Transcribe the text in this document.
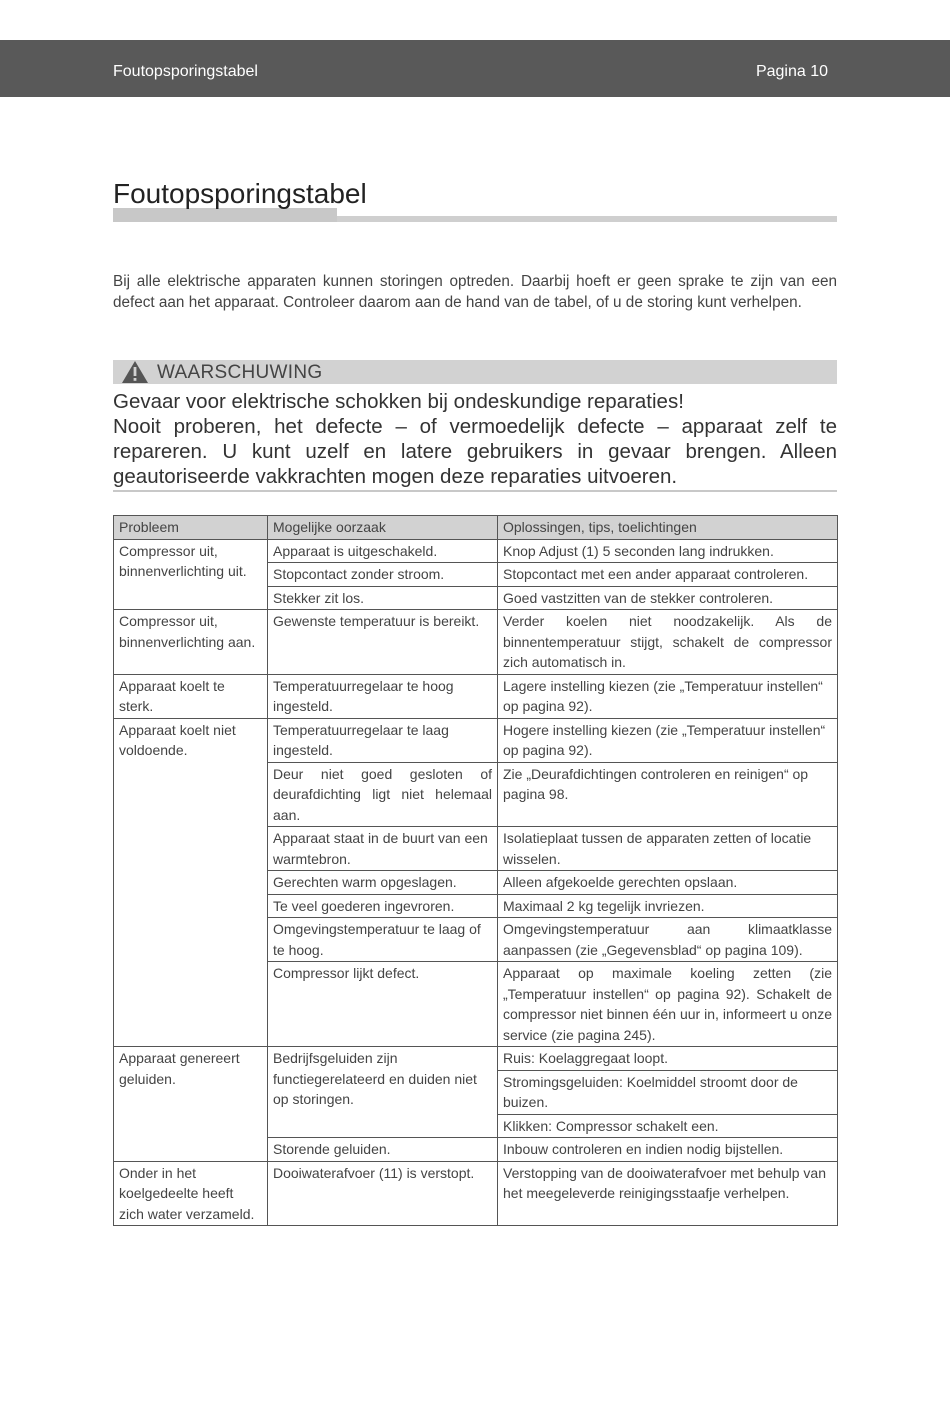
Foutopsporingstabel	Pagina 10
Foutopsporingstabel

Bij alle elektrische apparaten kunnen storingen optreden. Daarbij hoeft er geen sprake te zijn van een defect aan het apparaat. Controleer daarom aan de hand van de tabel, of u de storing kunt verhelpen.

WAARSCHUWING
Gevaar voor elektrische schokken bij ondeskundige reparaties!
Nooit proberen, het defecte – of vermoedelijk defecte – apparaat zelf te repareren. U kunt uzelf en latere gebruikers in gevaar brengen. Alleen geautoriseerde vakkrachten mogen deze reparaties uitvoeren.
Probleem	Mogelijke oorzaak	Oplossingen, tips, toelichtingen
Compressor uit, binnenverlichting uit.	Apparaat is uitgeschakeld.	Knop Adjust (1) 5 seconden lang indrukken.
	Stopcontact zonder stroom.	Stopcontact met een ander apparaat controleren.
	Stekker zit los.	Goed vastzitten van de stekker controleren.
Compressor uit, binnenverlichting aan.	Gewenste temperatuur is bereikt.	Verder koelen niet noodzakelijk. Als de binnentemperatuur stijgt, schakelt de compressor zich automatisch in.
Apparaat koelt te sterk.	Temperatuurregelaar te hoog ingesteld.	Lagere instelling kiezen (zie „Temperatuur instellen“ op pagina 92).
Apparaat koelt niet voldoende.	Temperatuurregelaar te laag ingesteld.	Hogere instelling kiezen (zie „Temperatuur instellen“ op pagina 92).
	Deur niet goed gesloten of deurafdichting ligt niet helemaal aan.	Zie „Deurafdichtingen controleren en reinigen“ op pagina 98.
	Apparaat staat in de buurt van een warmtebron.	Isolatieplaat tussen de apparaten zetten of locatie wisselen.
	Gerechten warm opgeslagen.	Alleen afgekoelde gerechten opslaan.
	Te veel goederen ingevroren.	Maximaal 2 kg tegelijk invriezen.
	Omgevingstemperatuur te laag of te hoog.	Omgevingstemperatuur aan klimaatklasse aanpassen (zie „Gegevensblad“ op pagina 109).
	Compressor lijkt defect.	Apparaat op maximale koeling zetten (zie „Temperatuur instellen“ op pagina 92). Schakelt de compressor niet binnen één uur in, informeert u onze service (zie pagina 245).
Apparaat genereert geluiden.	Bedrijfsgeluiden zijn functiegerelateerd en duiden niet op storingen.	Ruis: Koelaggregaat loopt.
		Stromingsgeluiden: Koelmiddel stroomt door de buizen.
		Klikken: Compressor schakelt een.
	Storende geluiden.	Inbouw controleren en indien nodig bijstellen.
Onder in het koelgedeelte heeft zich water verzameld.	Dooiwaterafvoer (11) is verstopt.	Verstopping van de dooiwaterafvoer met behulp van het meegeleverde reinigingsstaafje verhelpen.
